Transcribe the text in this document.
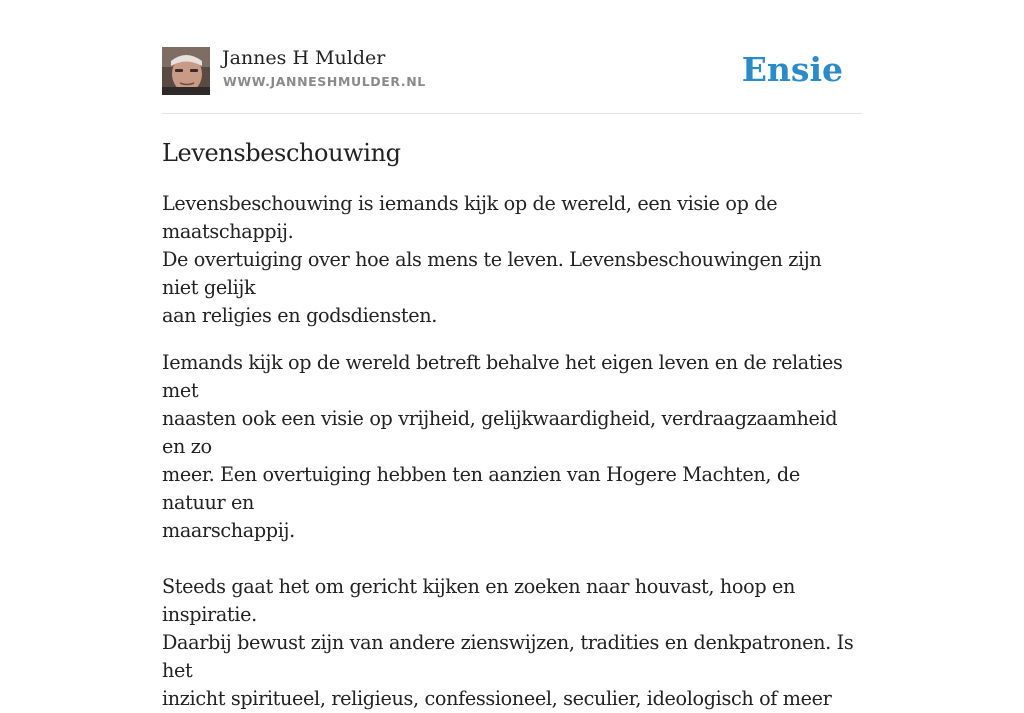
Jannes H Mulder
WWW.JANNESHMULDER.NL	Ensie
Levensbeschouwing

Levensbeschouwing is iemands kijk op de wereld, een visie op de maatschappij.
De overtuiging over hoe als mens te leven. Levensbeschouwingen zijn niet gelijk
aan religies en godsdiensten.

Iemands kijk op de wereld betreft behalve het eigen leven en de relaties met
naasten ook een visie op vrijheid, gelijkwaardigheid, verdraagzaamheid en zo
meer. Een overtuiging hebben ten aanzien van Hogere Machten, de natuur en
maarschappij.

Steeds gaat het om gericht kijken en zoeken naar houvast, hoop en inspiratie.
Daarbij bewust zijn van andere zienswijzen, tradities en denkpatronen. Is het
inzicht spiritueel, religieus, confessioneel, seculier, ideologisch of meer
